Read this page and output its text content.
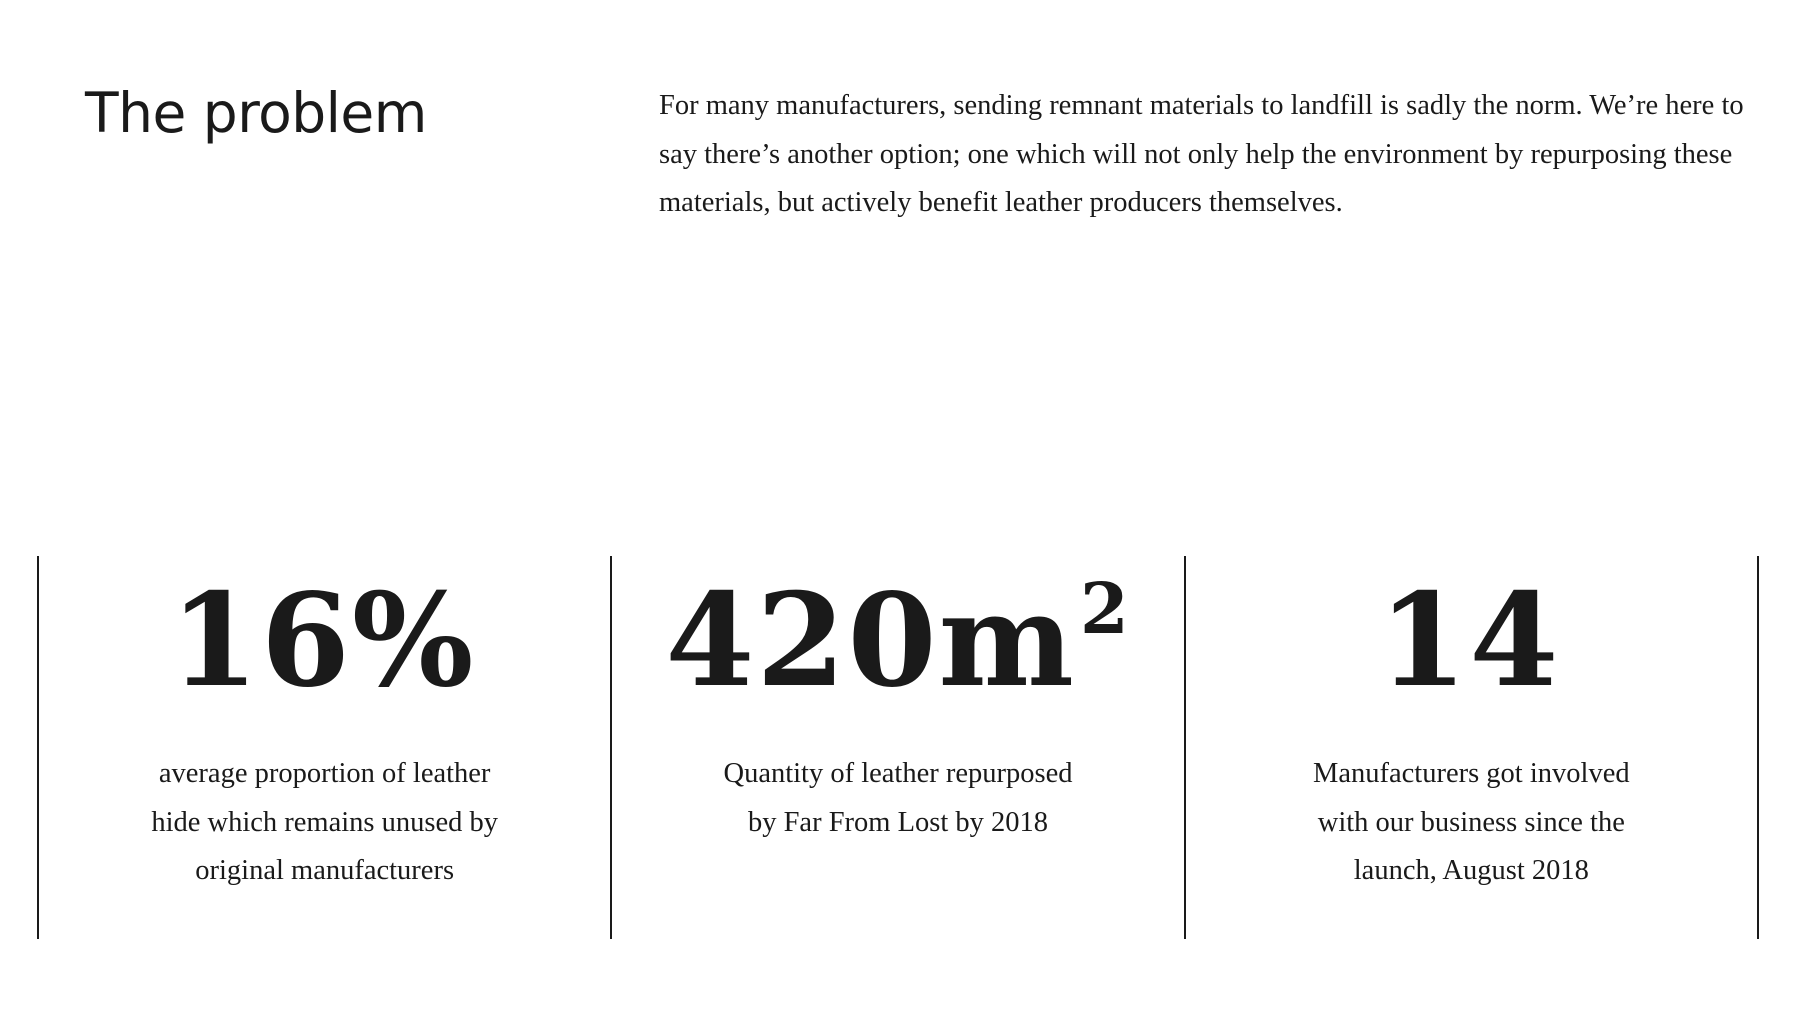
The problem	For many manufacturers, sending remnant materials to landfill is sadly the norm. We’re here to say there’s another option; one which will not only help the environment by repurposing these materials, but actively benefit leather producers themselves.

16%

average proportion of leather hide which remains unused by original manufacturers

$420m^2$

Quantity of leather repurposed by Far From Lost by 2018

14

Manufacturers got involved with our business since the launch, August 2018
